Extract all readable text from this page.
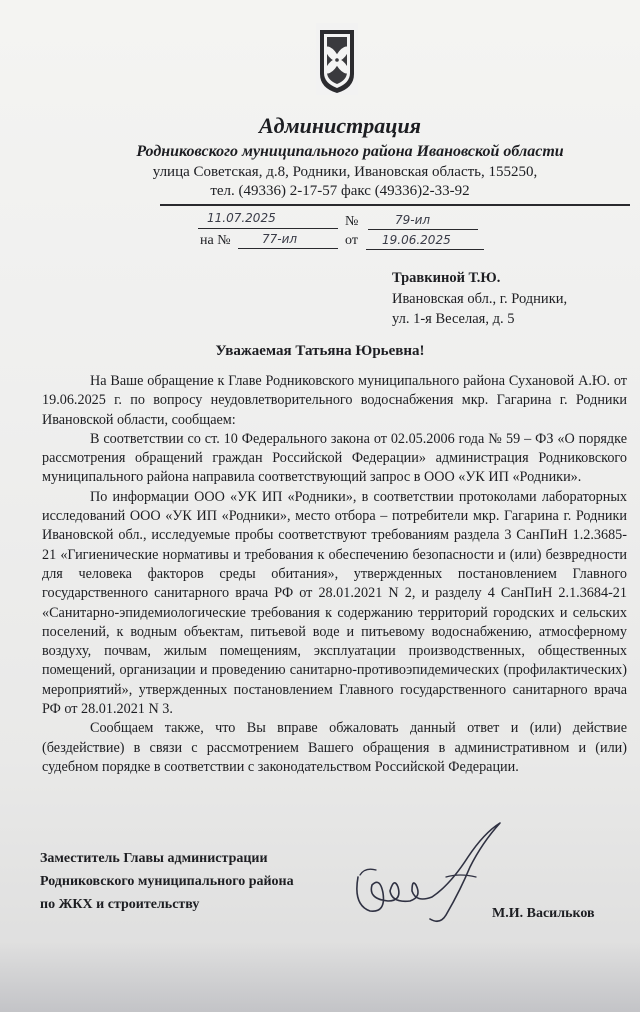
Администрация
Родниковского муниципального района Ивановской области
улица Советская, д.8, Родники, Ивановская область, 155250,
тел. (49336) 2-17-57 факс (49336)2-33-92
11.07.2025	№	79-ил
на №	77-ил	от 19.06.2025
Травкиной Т.Ю.
Ивановская обл., г. Родники,
ул. 1-я Веселая, д. 5
Уважаемая Татьяна Юрьевна!

На Ваше обращение к Главе Родниковского муниципального района Сухановой А.Ю. от 19.06.2025 г. по вопросу неудовлетворительного водоснабжения мкр. Гагарина г. Родники Ивановской области, сообщаем:

В соответствии со ст. 10 Федерального закона от 02.05.2006 года № 59 – ФЗ «О порядке рассмотрения обращений граждан Российской Федерации» администрация Родниковского муниципального района направила соответствующий запрос в ООО «УК ИП «Родники».

По информации ООО «УК ИП «Родники», в соответствии протоколами лабораторных исследований ООО «УК ИП «Родники», место отбора – потребители мкр. Гагарина г. Родники Ивановской обл., исследуемые пробы соответствуют требованиям раздела 3 СанПиН 1.2.3685-21 «Гигиенические нормативы и требования к обеспечению безопасности и (или) безвредности для человека факторов среды обитания», утвержденных постановлением Главного государственного санитарного врача РФ от 28.01.2021 N 2, и разделу 4 СанПиН 2.1.3684-21 «Санитарно-эпидемиологические требования к содержанию территорий городских и сельских поселений, к водным объектам, питьевой воде и питьевому водоснабжению, атмосферному воздуху, почвам, жилым помещениям, эксплуатации производственных, общественных помещений, организации и проведению санитарно-противоэпидемических (профилактических) мероприятий», утвержденных постановлением Главного государственного санитарного врача РФ от 28.01.2021 N 3.

Сообщаем также, что Вы вправе обжаловать данный ответ и (или) действие (бездействие) в связи с рассмотрением Вашего обращения в административном и (или) судебном порядке в соответствии с законодательством Российской Федерации.

Заместитель Главы администрации
Родниковского муниципального района
по ЖКХ и строительству
М.И. Васильков
